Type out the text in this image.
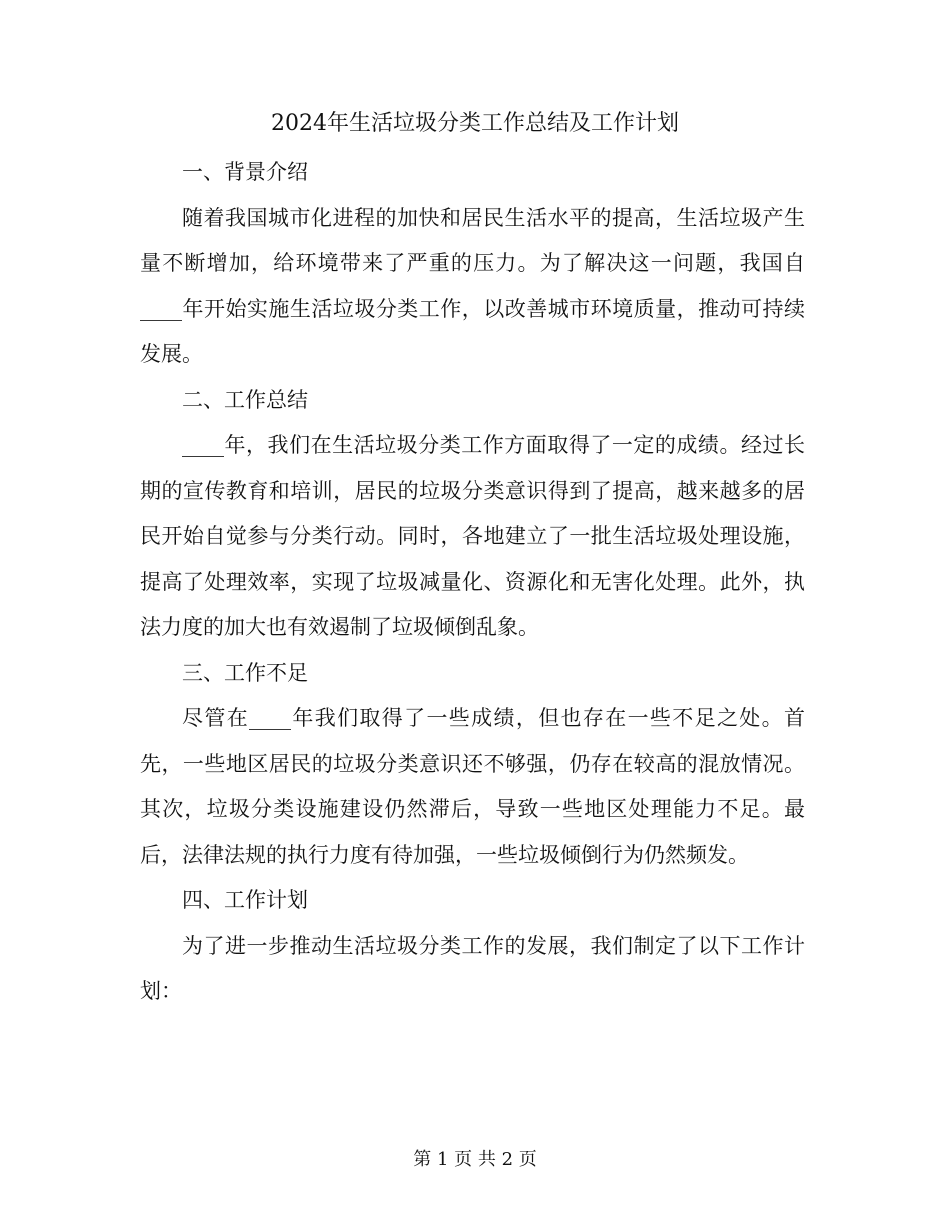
2024年生活垃圾分类工作总结及工作计划

一、背景介绍

随着我国城市化进程的加快和居民生活水平的提高，生活垃圾产生量不断增加，给环境带来了严重的压力。为了解决这一问题，我国自____年开始实施生活垃圾分类工作，以改善城市环境质量，推动可持续发展。

二、工作总结

____年，我们在生活垃圾分类工作方面取得了一定的成绩。经过长期的宣传教育和培训，居民的垃圾分类意识得到了提高，越来越多的居民开始自觉参与分类行动。同时，各地建立了一批生活垃圾处理设施，提高了处理效率，实现了垃圾减量化、资源化和无害化处理。此外，执法力度的加大也有效遏制了垃圾倾倒乱象。

三、工作不足

尽管在____年我们取得了一些成绩，但也存在一些不足之处。首先，一些地区居民的垃圾分类意识还不够强，仍存在较高的混放情况。其次，垃圾分类设施建设仍然滞后，导致一些地区处理能力不足。最后，法律法规的执行力度有待加强，一些垃圾倾倒行为仍然频发。

四、工作计划

为了进一步推动生活垃圾分类工作的发展，我们制定了以下工作计划：

第 1 页 共 2 页
